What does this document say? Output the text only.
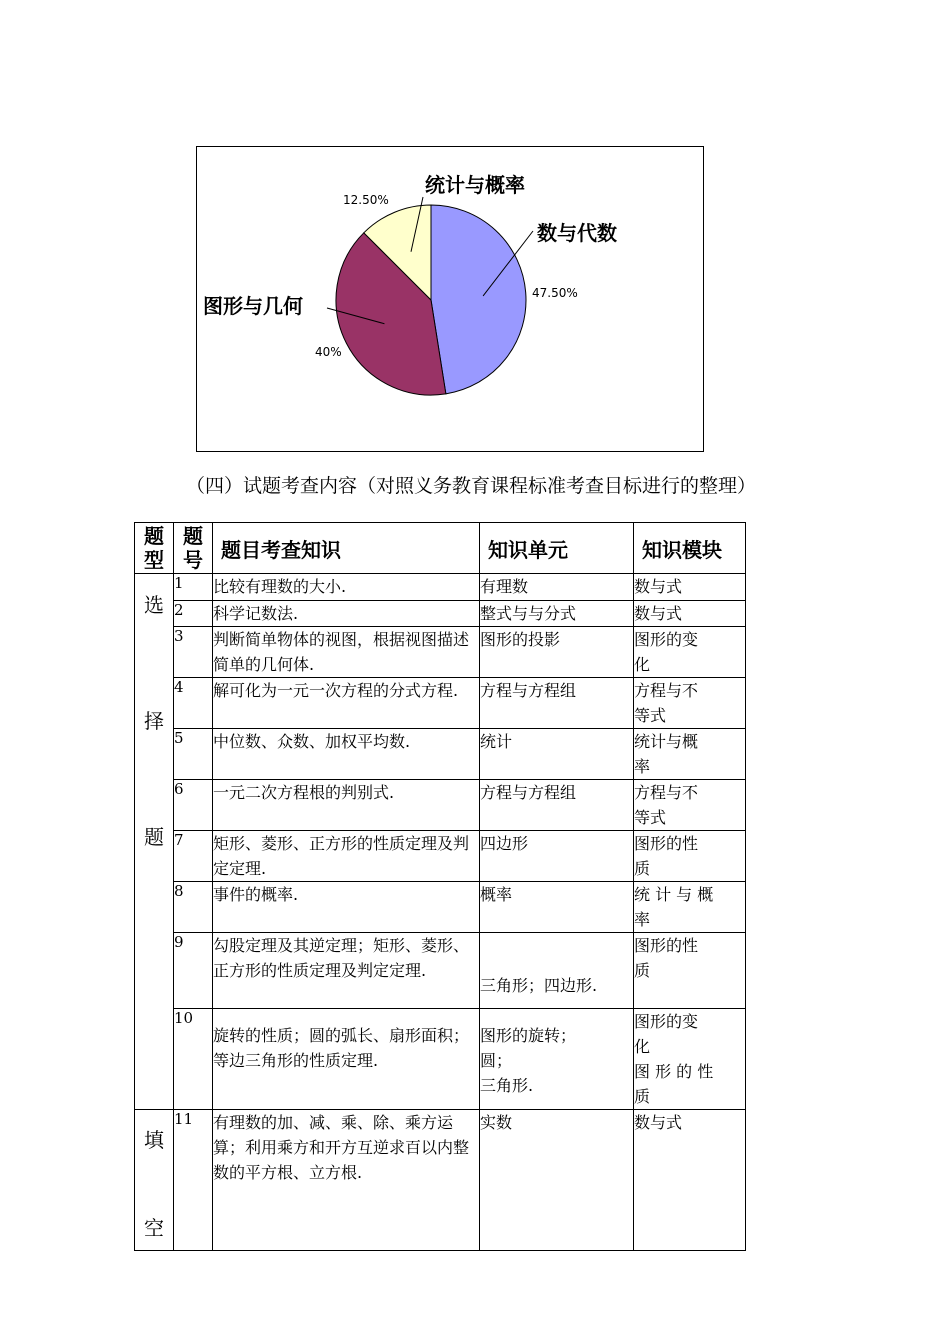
数与代数
47.50%
图形与几何
40%
统计与概率
12.50%

（四）试题考查内容（对照义务教育课程标准考查目标进行的整理）

题
型	题
号	题目考查知识	知识单元	知识模块

选

择

题	1	比较有理数的大小.	有理数	数与式
	2	科学记数法.	整式与与分式	数与式
	3	判断简单物体的视图，根据视图描述简单的几何体.	图形的投影	图形的变
化
	4	解可化为一元一次方程的分式方程.	方程与方程组	方程与不
等式
	5	中位数、众数、加权平均数.	统计	统计与概
率
	6	一元二次方程根的判别式.	方程与方程组	方程与不
等式
	7	矩形、菱形、正方形的性质定理及判定定理.	四边形	图形的性
质
	8	事件的概率.	概率	统 计 与 概
率
	9	勾股定理及其逆定理；矩形、菱形、正方形的性质定理及判定定理.	三角形；四边形.	图形的性
质
	10	旋转的性质；圆的弧长、扇形面积；等边三角形的性质定理.	图形的旋转；
圆；
三角形.	图形的变
化
图 形 的 性
质

填

空	11	有理数的加、减、乘、除、乘方运算；利用乘方和开方互逆求百以内整数的平方根、立方根.	实数	数与式
